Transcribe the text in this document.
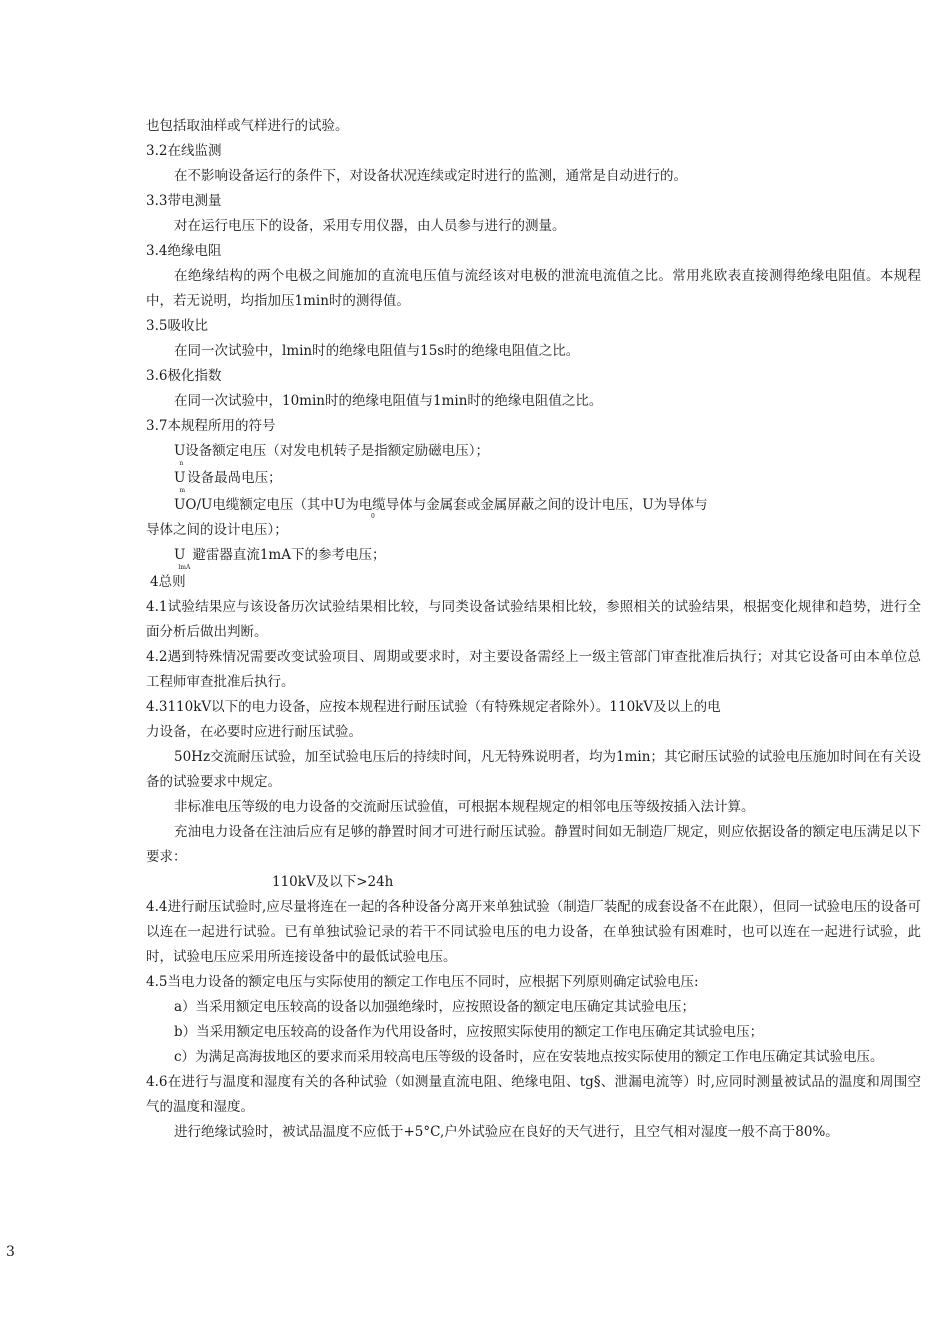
也包括取油样或气样进行的试验。

3.2在线监测

在不影响设备运行的条件下，对设备状况连续或定时进行的监测，通常是自动进行的。

3.3带电测量

对在运行电压下的设备，采用专用仪器，由人员参与进行的测量。

3.4绝缘电阻

在绝缘结构的两个电极之间施加的直流电压值与流经该对电极的泄流电流值之比。常用兆欧表直接测得绝缘电阻值。本规程中，若无说明，均指加压1min时的测得值。

3.5吸收比

在同一次试验中，lmin时的绝缘电阻值与15s时的绝缘电阻值之比。

3.6极化指数

在同一次试验中，10min时的绝缘电阻值与1min时的绝缘电阻值之比。

3.7本规程所用的符号

$U_n$设备额定电压（对发电机转子是指额定励磁电压）；

$U_m$设备最咼电压；

UO/U电缆额定电压（其中U为电缆导体与金属套或金属屏蔽之间的设计电压，U为导体与
0

导体之间的设计电压）；

$U_{lmA}$避雷器直流1mA下的参考电压；

4总则

4.1试验结果应与该设备历次试验结果相比较，与同类设备试验结果相比较，参照相关的试验结果，根据变化规律和趋势，进行全面分析后做出判断。

4.2遇到特殊情况需要改变试验项目、周期或要求时，对主要设备需经上一级主管部门审查批准后执行；对其它设备可由本单位总工程师审查批准后执行。

4.3110kV以下的电力设备，应按本规程进行耐压试验（有特殊规定者除外）。110kV及以上的电

力设备，在必要时应进行耐压试验。

50Hz交流耐压试验，加至试验电压后的持续时间，凡无特殊说明者，均为1min；其它耐压试验的试验电压施加时间在有关设备的试验要求中规定。

非标准电压等级的电力设备的交流耐压试验值，可根据本规程规定的相邻电压等级按插入法计算。

充油电力设备在注油后应有足够的静置时间才可进行耐压试验。静置时间如无制造厂规定，则应依据设备的额定电压满足以下要求：

110kV及以下>24h

4.4进行耐压试验时,应尽量将连在一起的各种设备分离开来单独试验（制造厂装配的成套设备不在此限），但同一试验电压的设备可以连在一起进行试验。已有单独试验记录的若干不同试验电压的电力设备，在单独试验有困难时，也可以连在一起进行试验，此时，试验电压应采用所连接设备中的最低试验电压。

4.5当电力设备的额定电压与实际使用的额定工作电压不同时，应根据下列原则确定试验电压:

a）当采用额定电压较高的设备以加强绝缘时，应按照设备的额定电压确定其试验电压；

b）当采用额定电压较高的设备作为代用设备时，应按照实际使用的额定工作电压确定其试验电压；

c）为满足高海拔地区的要求而采用较高电压等级的设备时，应在安装地点按实际使用的额定工作电压确定其试验电压。

4.6在进行与温度和湿度有关的各种试验（如测量直流电阻、绝缘电阻、tg§、泄漏电流等）时,应同时测量被试品的温度和周围空气的温度和湿度。

进行绝缘试验时，被试品温度不应低于+5°C,户外试验应在良好的天气进行，且空气相对湿度一般不高于80%。

3
